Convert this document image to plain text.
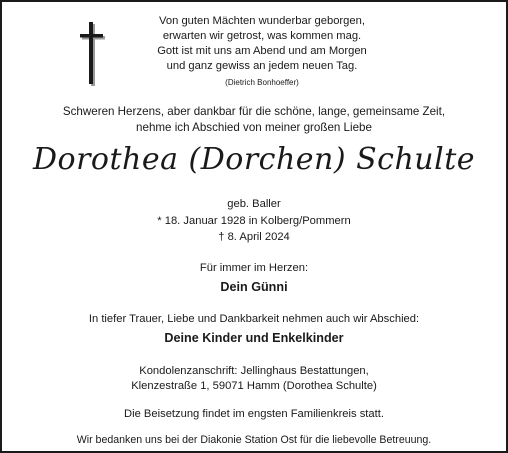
Von guten Mächten wunderbar geborgen,
erwarten wir getrost, was kommen mag.
Gott ist mit uns am Abend und am Morgen
und ganz gewiss an jedem neuen Tag.
(Dietrich Bonhoeffer)
Schweren Herzens, aber dankbar für die schöne, lange, gemeinsame Zeit,
nehme ich Abschied von meiner großen Liebe
Dorothea (Dorchen) Schulte
geb. Baller
* 18. Januar 1928 in Kolberg/Pommern
† 8. April 2024
Für immer im Herzen:
Dein Günni
In tiefer Trauer, Liebe und Dankbarkeit nehmen auch wir Abschied:
Deine Kinder und Enkelkinder
Kondolenzanschrift: Jellinghaus Bestattungen,
Klenzestraße 1, 59071 Hamm (Dorothea Schulte)
Die Beisetzung findet im engsten Familienkreis statt.
Wir bedanken uns bei der Diakonie Station Ost für die liebevolle Betreuung.
